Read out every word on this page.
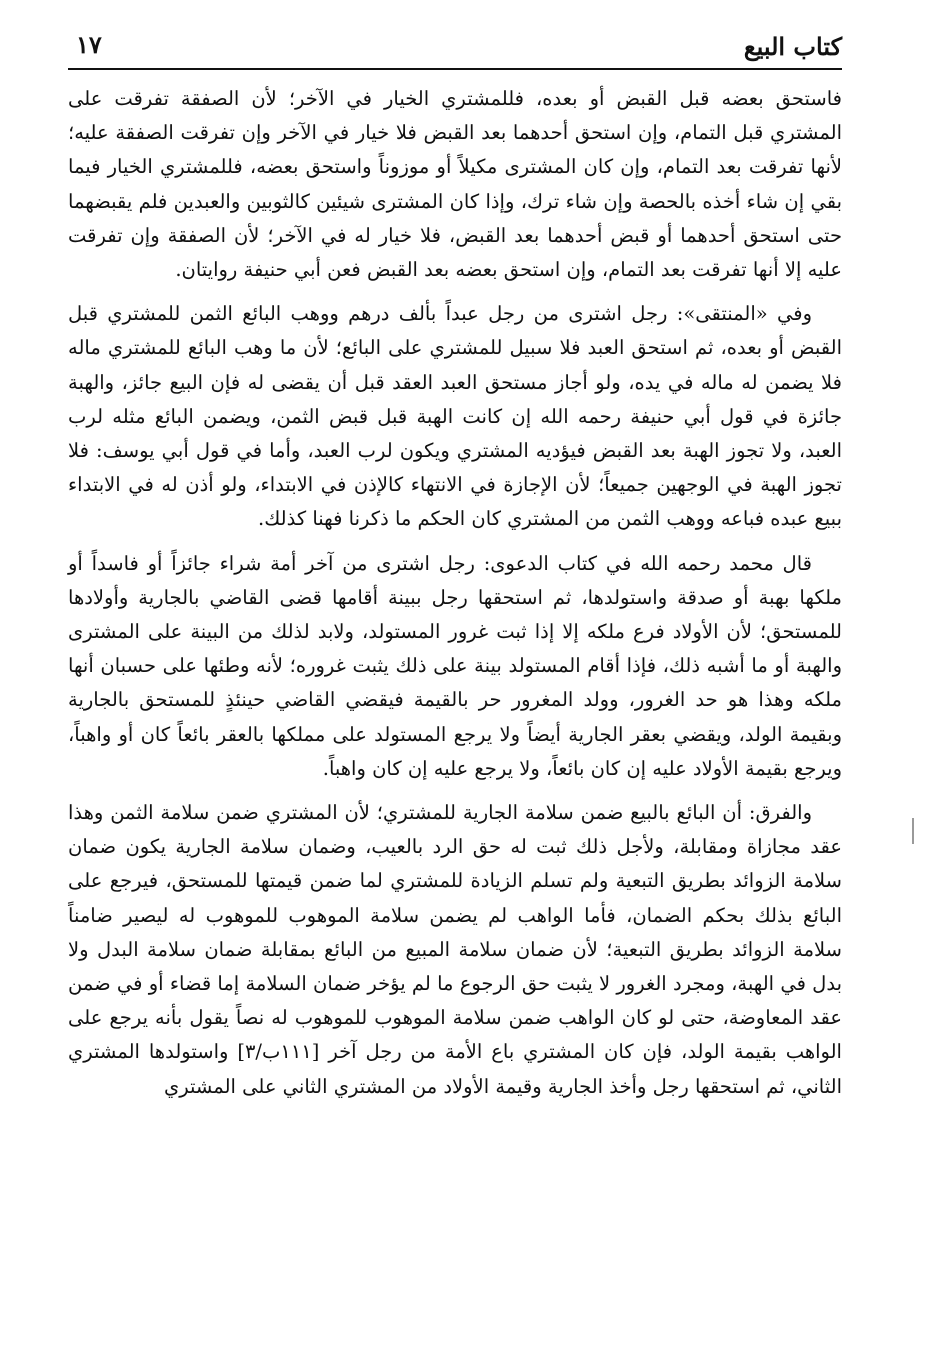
كتاب البيع
١٧

فاستحق بعضه قبل القبض أو بعده، فللمشتري الخيار في الآخر؛ لأن الصفقة تفرقت على المشتري قبل التمام، وإن استحق أحدهما بعد القبض فلا خيار في الآخر وإن تفرقت الصفقة عليه؛ لأنها تفرقت بعد التمام، وإن كان المشترى مكيلاً أو موزوناً واستحق بعضه، فللمشتري الخيار فيما بقي إن شاء أخذه بالحصة وإن شاء ترك، وإذا كان المشترى شيئين كالثوبين والعبدين فلم يقبضهما حتى استحق أحدهما أو قبض أحدهما بعد القبض، فلا خيار له في الآخر؛ لأن الصفقة وإن تفرقت عليه إلا أنها تفرقت بعد التمام، وإن استحق بعضه بعد القبض فعن أبي حنيفة روايتان.

وفي «المنتقى»: رجل اشترى من رجل عبداً بألف درهم ووهب البائع الثمن للمشتري قبل القبض أو بعده، ثم استحق العبد فلا سبيل للمشتري على البائع؛ لأن ما وهب البائع للمشتري ماله فلا يضمن له ماله في يده، ولو أجاز مستحق العبد العقد قبل أن يقضى له فإن البيع جائز، والهبة جائزة في قول أبي حنيفة رحمه الله إن كانت الهبة قبل قبض الثمن، ويضمن البائع مثله لرب العبد، ولا تجوز الهبة بعد القبض فيؤديه المشتري ويكون لرب العبد، وأما في قول أبي يوسف: فلا تجوز الهبة في الوجهين جميعاً؛ لأن الإجازة في الانتهاء كالإذن في الابتداء، ولو أذن له في الابتداء ببيع عبده فباعه ووهب الثمن من المشتري كان الحكم ما ذكرنا فهنا كذلك.

قال محمد رحمه الله في كتاب الدعوى: رجل اشترى من آخر أمة شراء جائزاً أو فاسداً أو ملكها بهبة أو صدقة واستولدها، ثم استحقها رجل ببينة أقامها قضى القاضي بالجارية وأولادها للمستحق؛ لأن الأولاد فرع ملكه إلا إذا ثبت غرور المستولد، ولابد لذلك من البينة على المشترى والهبة أو ما أشبه ذلك، فإذا أقام المستولد بينة على ذلك يثبت غروره؛ لأنه وطئها على حسبان أنها ملكه وهذا هو حد الغرور، وولد المغرور حر بالقيمة فيقضي القاضي حينئذٍ للمستحق بالجارية وبقيمة الولد، ويقضي بعقر الجارية أيضاً ولا يرجع المستولد على مملكها بالعقر بائعاً كان أو واهباً، ويرجع بقيمة الأولاد عليه إن كان بائعاً، ولا يرجع عليه إن كان واهباً.

والفرق: أن البائع بالبيع ضمن سلامة الجارية للمشتري؛ لأن المشتري ضمن سلامة الثمن وهذا عقد مجازاة ومقابلة، ولأجل ذلك ثبت له حق الرد بالعيب، وضمان سلامة الجارية يكون ضمان سلامة الزوائد بطريق التبعية ولم تسلم الزيادة للمشتري لما ضمن قيمتها للمستحق، فيرجع على البائع بذلك بحكم الضمان، فأما الواهب لم يضمن سلامة الموهوب للموهوب له ليصير ضامناً سلامة الزوائد بطريق التبعية؛ لأن ضمان سلامة المبيع من البائع بمقابلة ضمان سلامة البدل ولا بدل في الهبة، ومجرد الغرور لا يثبت حق الرجوع ما لم يؤخر ضمان السلامة إما قضاء أو في ضمن عقد المعاوضة، حتى لو كان الواهب ضمن سلامة الموهوب للموهوب له نصاً يقول بأنه يرجع على الواهب بقيمة الولد، فإن كان المشتري باع الأمة من رجل آخر [١١١ب/٣] واستولدها المشتري الثاني، ثم استحقها رجل وأخذ الجارية وقيمة الأولاد من المشتري الثاني على المشتري
